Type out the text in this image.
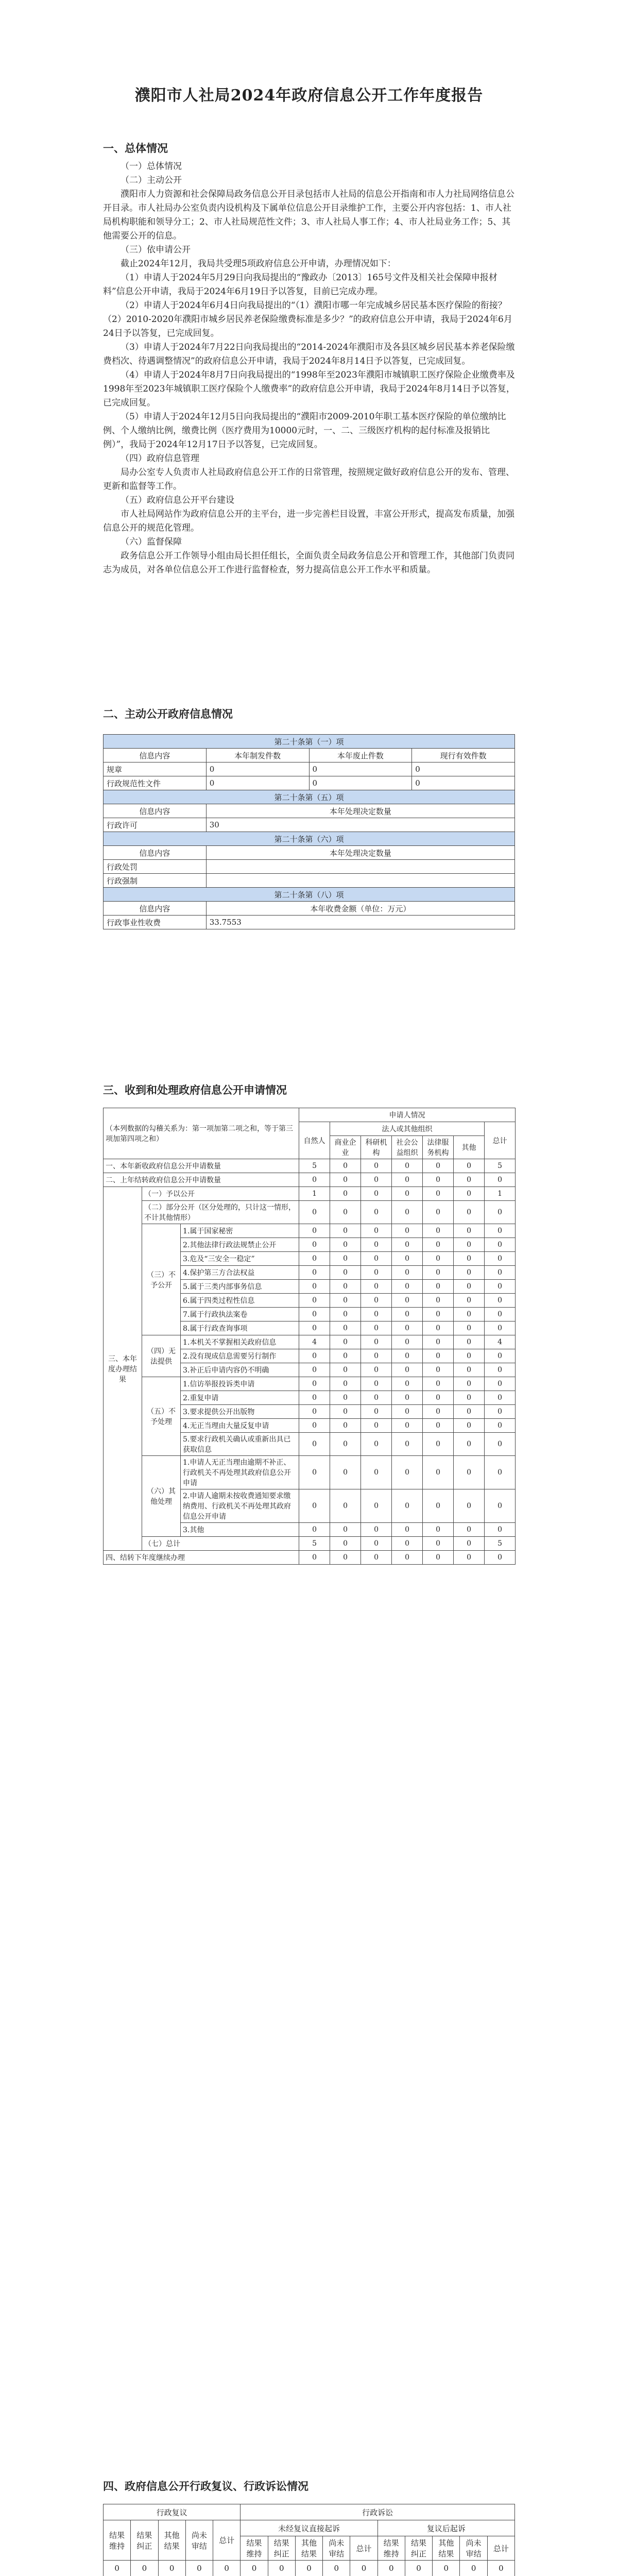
濮阳市人社局2024年政府信息公开工作年度报告
一、总体情况

（一）总体情况

（二）主动公开

濮阳市人力资源和社会保障局政务信息公开目录包括市人社局的信息公开指南和市人力社局网络信息公开目录。市人社局办公室负责内设机构及下属单位信息公开目录维护工作，主要公开内容包括：1、市人社局机构职能和领导分工；2、市人社局规范性文件；3、市人社局人事工作；4、市人社局业务工作；5、其他需要公开的信息。

（三）依申请公开

截止2024年12月，我局共受理5项政府信息公开申请，办理情况如下：

（1）申请人于2024年5月29日向我局提出的“豫政办〔2013〕165号文件及相关社会保障申报材料”信息公开申请，我局于2024年6月19日予以答复，目前已完成办理。

（2）申请人于2024年6月4日向我局提出的“（1）濮阳市哪一年完成城乡居民基本医疗保险的衔接？（2）2010-2020年濮阳市城乡居民养老保险缴费标准是多少？”的政府信息公开申请，我局于2024年6月24日予以答复，已完成回复。

（3）申请人于2024年7月22日向我局提出的“2014-2024年濮阳市及各县区城乡居民基本养老保险缴费档次、待遇调整情况”的政府信息公开申请，我局于2024年8月14日予以答复，已完成回复。

（4）申请人于2024年8月7日向我局提出的“1998年至2023年濮阳市城镇职工医疗保险企业缴费率及1998年至2023年城镇职工医疗保险个人缴费率”的政府信息公开申请，我局于2024年8月14日予以答复，已完成回复。

（5）申请人于2024年12月5日向我局提出的“濮阳市2009-2010年职工基本医疗保险的单位缴纳比例、个人缴纳比例，缴费比例（医疗费用为10000元时，一、二、三级医疗机构的起付标准及报销比例）”，我局于2024年12月17日予以答复，已完成回复。

（四）政府信息管理

局办公室专人负责市人社局政府信息公开工作的日常管理，按照规定做好政府信息公开的发布、管理、更新和监督等工作。

（五）政府信息公开平台建设

市人社局网站作为政府信息公开的主平台，进一步完善栏目设置，丰富公开形式，提高发布质量，加强信息公开的规范化管理。

（六）监督保障

政务信息公开工作领导小组由局长担任组长，全面负责全局政务信息公开和管理工作，其他部门负责同志为成员，对各单位信息公开工作进行监督检查，努力提高信息公开工作水平和质量。

二、主动公开政府信息情况
第二十条第（一）项			
信息内容	本年制发件数	本年废止件数	现行有效件数
规章	0	0	0
行政规范性文件	0	0	0
第二十条第（五）项			
信息内容	本年处理决定数量		
行政许可	30		
第二十条第（六）项			
信息内容	本年处理决定数量		
行政处罚			
行政强制			
第二十条第（八）项			
信息内容	本年收费金额（单位：万元）		
行政事业性收费	33.7553		
三、收到和处理政府信息公开申请情况
（本列数据的勾稽关系为：第一项加第二项之和，等于第三项加第四项之和）			申请人情况						
			自然人	法人或其他组织					总计
				商业企业	科研机构	社会公益组织	法律服务机构	其他	
一、本年新收政府信息公开申请数量			5	0	0	0	0	0	5
二、上年结转政府信息公开申请数量			0	0	0	0	0	0	0
三、本年度办理结果	（一）予以公开		1	0	0	0	0	0	1
	（二）部分公开（区分处理的，只计这一情形，不计其他情形）		0	0	0	0	0	0	0
	（三）不予公开	1.属于国家秘密	0	0	0	0	0	0	0
		2.其他法律行政法规禁止公开	0	0	0	0	0	0	0
		3.危及“三安全一稳定”	0	0	0	0	0	0	0
		4.保护第三方合法权益	0	0	0	0	0	0	0
		5.属于三类内部事务信息	0	0	0	0	0	0	0
		6.属于四类过程性信息	0	0	0	0	0	0	0
		7.属于行政执法案卷	0	0	0	0	0	0	0
		8.属于行政查询事项	0	0	0	0	0	0	0
	（四）无法提供	1.本机关不掌握相关政府信息	4	0	0	0	0	0	4
		2.没有现成信息需要另行制作	0	0	0	0	0	0	0
		3.补正后申请内容仍不明确	0	0	0	0	0	0	0
	（五）不予处理	1.信访举报投诉类申请	0	0	0	0	0	0	0
		2.重复申请	0	0	0	0	0	0	0
		3.要求提供公开出版物	0	0	0	0	0	0	0
		4.无正当理由大量反复申请	0	0	0	0	0	0	0
		5.要求行政机关确认或重新出具已获取信息	0	0	0	0	0	0	0
	（六）其他处理	1.申请人无正当理由逾期不补正、行政机关不再处理其政府信息公开申请	0	0	0	0	0	0	0
		2.申请人逾期未按收费通知要求缴纳费用、行政机关不再处理其政府信息公开申请	0	0	0	0	0	0	0
		3.其他	0	0	0	0	0	0	0
	（七）总计		5	0	0	0	0	0	5
四、结转下年度继续办理			0	0	0	0	0	0	0
四、政府信息公开行政复议、行政诉讼情况
行政复议					行政诉讼									
结果维持	结果纠正	其他结果	尚未审结	总计	未经复议直接起诉					复议后起诉				
					结果维持	结果纠正	其他结果	尚未审结	总计	结果维持	结果纠正	其他结果	尚未审结	总计
0	0	0	0	0	0	0	0	0	0	0	0	0	0	0
